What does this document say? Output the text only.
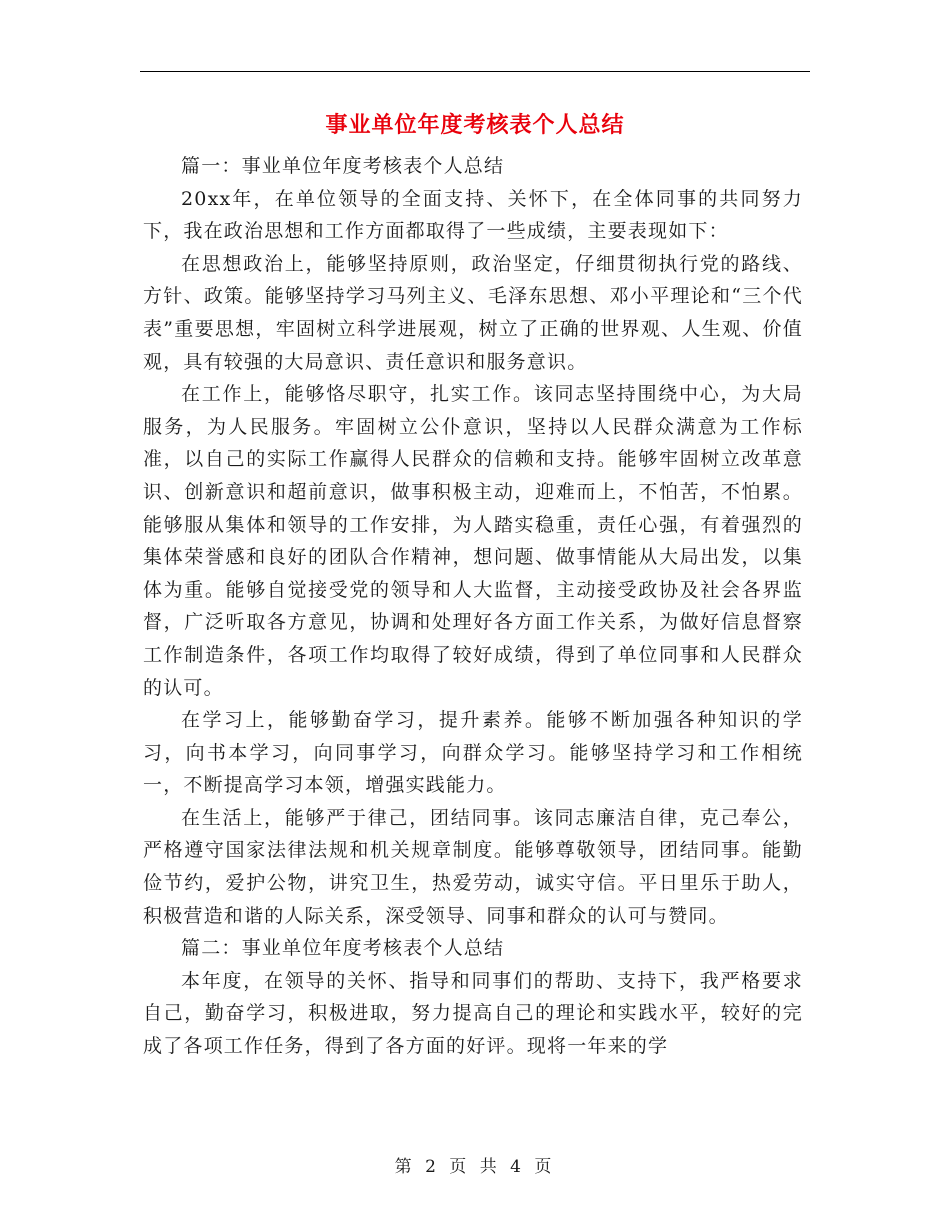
事业单位年度考核表个人总结

篇一：事业单位年度考核表个人总结

20xx年，在单位领导的全面支持、关怀下，在全体同事的共同努力下，我在政治思想和工作方面都取得了一些成绩，主要表现如下：

在思想政治上，能够坚持原则，政治坚定，仔细贯彻执行党的路线、方针、政策。能够坚持学习马列主义、毛泽东思想、邓小平理论和“三个代表”重要思想，牢固树立科学进展观，树立了正确的世界观、人生观、价值观，具有较强的大局意识、责任意识和服务意识。

在工作上，能够恪尽职守，扎实工作。该同志坚持围绕中心，为大局服务，为人民服务。牢固树立公仆意识，坚持以人民群众满意为工作标准，以自己的实际工作赢得人民群众的信赖和支持。能够牢固树立改革意识、创新意识和超前意识，做事积极主动，迎难而上，不怕苦，不怕累。能够服从集体和领导的工作安排，为人踏实稳重，责任心强，有着强烈的集体荣誉感和良好的团队合作精神，想问题、做事情能从大局出发，以集体为重。能够自觉接受党的领导和人大监督，主动接受政协及社会各界监督，广泛听取各方意见，协调和处理好各方面工作关系，为做好信息督察工作制造条件，各项工作均取得了较好成绩，得到了单位同事和人民群众的认可。

在学习上，能够勤奋学习，提升素养。能够不断加强各种知识的学习，向书本学习，向同事学习，向群众学习。能够坚持学习和工作相统一，不断提高学习本领，增强实践能力。

在生活上，能够严于律己，团结同事。该同志廉洁自律，克己奉公，严格遵守国家法律法规和机关规章制度。能够尊敬领导，团结同事。能勤俭节约，爱护公物，讲究卫生，热爱劳动，诚实守信。平日里乐于助人，积极营造和谐的人际关系，深受领导、同事和群众的认可与赞同。

篇二：事业单位年度考核表个人总结

本年度，在领导的关怀、指导和同事们的帮助、支持下，我严格要求自己，勤奋学习，积极进取，努力提高自己的理论和实践水平，较好的完成了各项工作任务，得到了各方面的好评。现将一年来的学

第 2 页 共 4 页
